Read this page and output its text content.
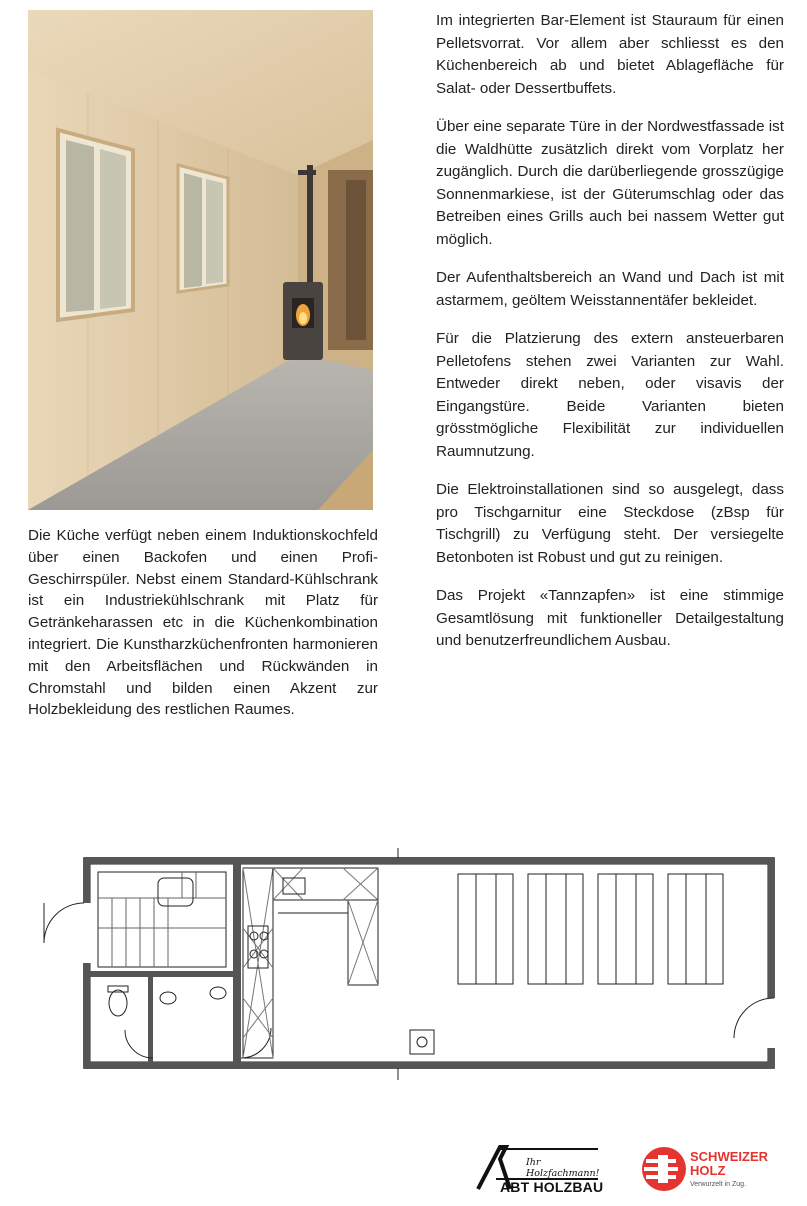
Die Küche verfügt neben einem Induktionskochfeld über einen Backofen und einen Profi-Geschirrspüler. Nebst einem Standard-Kühlschrank ist ein Industriekühlschrank mit Platz für Getränkeharassen etc in die Küchenkombination integriert. Die Kunstharzküchenfronten harmonieren mit den Arbeitsflächen und Rückwänden in Chromstahl und bilden einen Akzent zur Holzbekleidung des restlichen Raumes.

Im integrierten Bar-Element ist Stauraum für einen Pelletsvorrat. Vor allem aber schliesst es den Küchenbereich ab und bietet Ablagefläche für Salat- oder Dessertbuffets.

Über eine separate Türe in der Nordwestfassade ist die Waldhütte zusätzlich direkt vom Vorplatz her zugänglich. Durch die darüberliegende grosszügige Sonnenmarkiese, ist der Güterumschlag oder das Betreiben eines Grills auch bei nassem Wetter gut möglich.

Der Aufenthaltsbereich an Wand und Dach ist mit astarmem, geöltem Weisstannentäfer bekleidet.

Für die Platzierung des extern ansteuerbaren Pelletofens stehen zwei Varianten zur Wahl. Entweder direkt neben, oder visavis der Eingangstüre. Beide Varianten bieten grösstmögliche Flexibilität zur individuellen Raumnutzung.

Die Elektroinstallationen sind so ausgelegt, dass pro Tischgarnitur eine Steckdose (zBsp für Tischgrill) zu Verfügung steht. Der versiegelte Betonboten ist Robust und gut zu reinigen.

Das Projekt «Tannzapfen» ist eine stimmige Gesamtlösung mit funktioneller Detailgestaltung und benutzerfreundlichem Ausbau.

Ihr Holzfachmann!
ABT HOLZBAU
SCHWEIZER
HOLZ
Verwurzelt in Zug.
